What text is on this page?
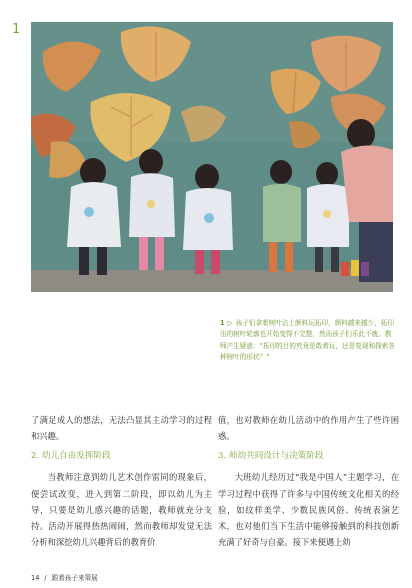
1
1 ▷ 孩子们拿着树叶沾上颜料玩拓印，颜料越来越少，拓印出的树叶轮廓也开始变得不完整，然而孩子们乐此不疲。教师产生疑惑：“拓印的目的究竟是敢着玩，还是复现和探索各种树叶的形状？”

了满足成人的想法，无法凸显其主动学习的过程和兴趣。

2. 幼儿自由发挥阶段

当教师注意到幼儿艺术创作雷同的现象后，便尝试改变，进入到第二阶段，即以幼儿为主导，只要是幼儿感兴趣的话题，教师就充分支持。活动开展得热热闹闹，然而教师却发觉无法分析和深挖幼儿兴趣背后的教育价

值，也对教师在幼儿活动中的作用产生了些许困惑。

3. 师幼共同设计与决策阶段

大班幼儿经历过“我是中国人”主题学习，在学习过程中获得了许多与中国传统文化相关的经验，如纹样美学、少数民族风俗、传统表演艺术，也对他们当下生活中能够接触到的科技创新充满了好奇与自豪。接下来便遇上幼

14 / 跟着孩子来策展
